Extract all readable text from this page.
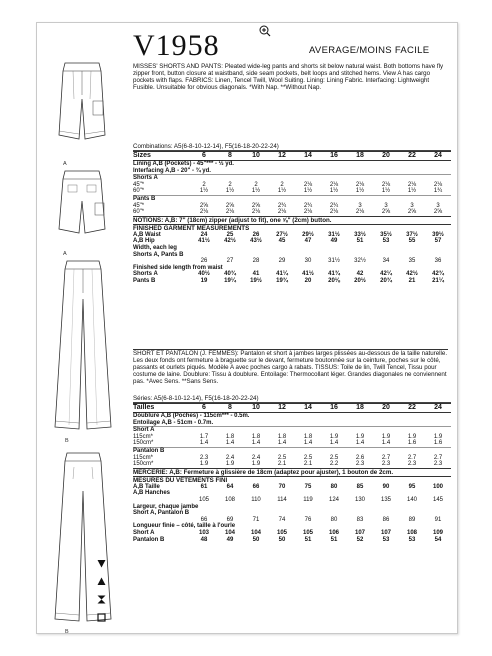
V1958	AVERAGE/MOINS FACILE
A
A
B
B
MISSES' SHORTS AND PANTS: Pleated wide-leg pants and shorts sit below natural waist. Both bottoms have fly zipper front, button closure at waistband, side seam pockets, belt loops and stitched hems. View A has cargo pockets with flaps. FABRICS: Linen, Tencel Twill, Wool Suiting. Lining: Lining Fabric. Interfacing: Lightweight Fusible. Unsuitable for obvious diagonals. *With Nap. **Without Nap.
Combinations: A5(6-8-10-12-14), F5(16-18-20-22-24)
Sizes	6	8	10	12	14	16	18	20	22	24
Lining A,B (Pockets) - 45"*** - ½ yd.										
Interfacing A,B - 20" - ¾ yd.										
Shorts A										
45"*	2	2	2	2	2⅛	2⅛	2⅛	2⅛	2⅛	2⅛
60"*	1½	1½	1½	1½	1½	1½	1½	1½	1½	1¾
Pants B										
45"*	2⅝	2⅝	2⅝	2¾	2¾	2¾	3	3	3	3
60"*	2⅛	2⅛	2⅛	2⅛	2⅛	2⅛	2⅛	2⅝	2⅝	2⅝
NOTIONS: A,B: 7" (18cm) zipper (adjust to fit), one ⅝" (2cm) button.
FINISHED GARMENT MEASUREMENTS
A,B Waist	24	25	26	27½	29½	31½	33½	35½	37½	39½
A,B Hip	41½	42½	43½	45	47	49	51	53	55	57
Width, each leg										
Shorts A, Pants B										
	26	27	28	29	30	31½	32½	34	35	36
Finished side length from waist										
Shorts A	40½	40¾	41	41¼	41½	41¾	42	42¼	42½	42¾
Pants B	19	19¼	19½	19¾	20	20⅛	20½	20¾	21	21¼
SHORT ET PANTALON (J. FEMMES): Pantalon et short à jambes larges plissées au-dessous de la taille naturelle. Les deux fonds ont fermeture à braguette sur le devant, fermeture boutonnée sur la ceinture, poches sur le côté, passants et ourlets piqués. Modèle A avec poches cargo à rabats. TISSUS: Toile de lin, Twill Tencel, Tissu pour costume de laine. Doublure: Tissu à doublure. Entoilage: Thermocollant léger. Grandes diagonales ne conviennent pas. *Avec Sens. **Sans Sens.
Séries: A5(6-8-10-12-14), F5(16-18-20-22-24)
Tailles	6	8	10	12	14	16	18	20	22	24
Doublure A,B (Poches) - 115cm*** - 0.5m.										
Entoilage A,B - 51cm - 0.7m.										
Short A										
115cm*	1.7	1.8	1.8	1.8	1.8	1.9	1.9	1.9	1.9	1.9
150cm*	1.4	1.4	1.4	1.4	1.4	1.4	1.4	1.4	1.6	1.6
Pantalon B										
115cm*	2.3	2.4	2.4	2.5	2.5	2.5	2.6	2.7	2.7	2.7
150cm*	1.9	1.9	1.9	2.1	2.1	2.2	2.3	2.3	2.3	2.3
MERCERIE: A,B: Fermeture à glissière de 18cm (adaptez pour ajuster), 1 bouton de 2cm.
MESURES DU VÊTEMENTS FINI
A,B Taille	61	64	66	70	75	80	85	90	95	100
A,B Hanches										
	105	108	110	114	119	124	130	135	140	145
Largeur, chaque jambe										
Short A, Pantalon B										
	66	69	71	74	76	80	83	86	89	91
Longueur finie – côté, taille à l'ourle										
Short A	103	104	104	105	105	106	107	107	108	109
Pantalon B	48	49	50	50	51	51	52	53	53	54
